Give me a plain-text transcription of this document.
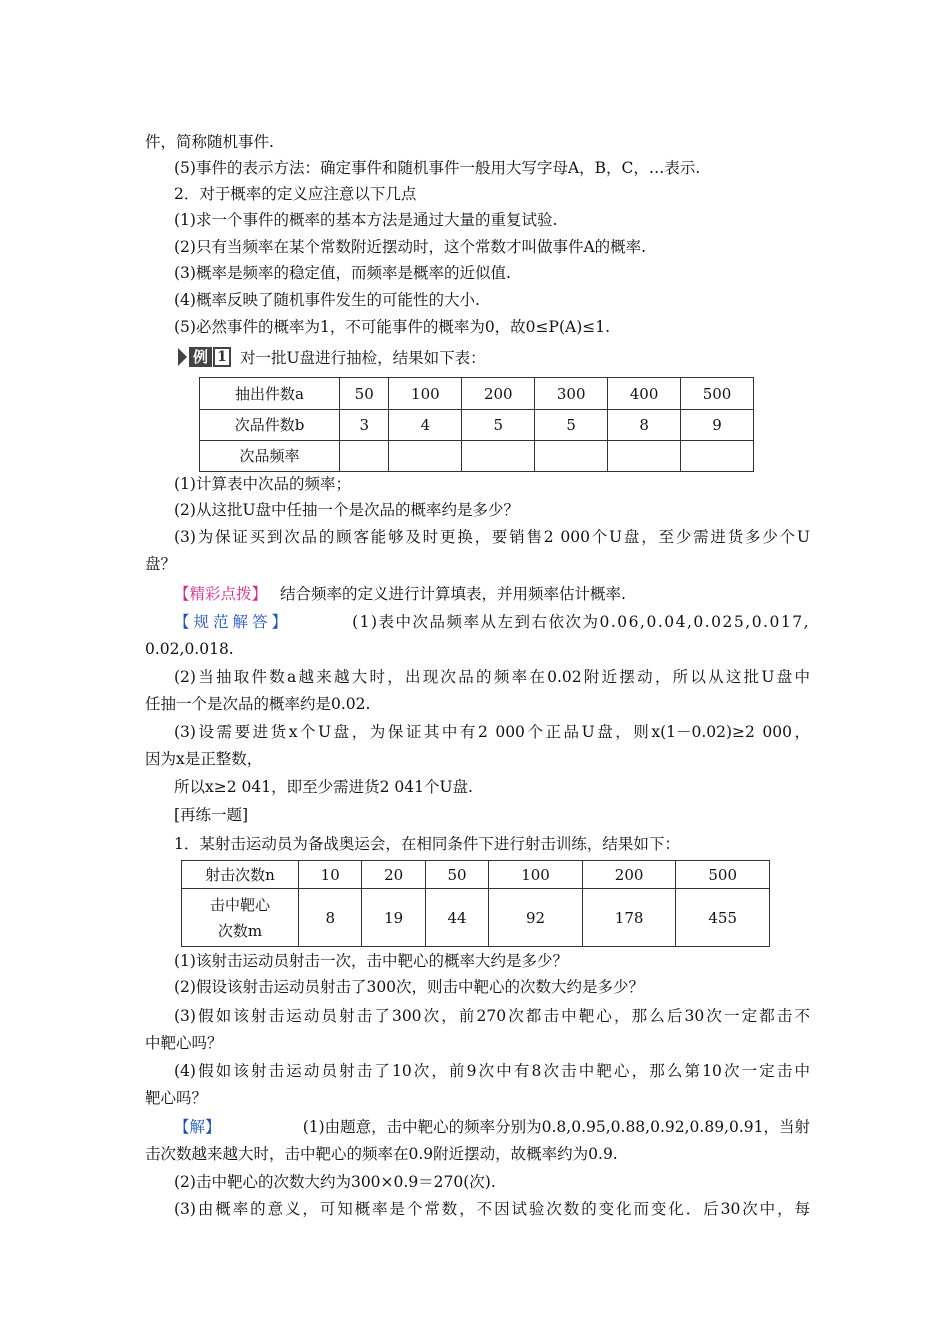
件，简称随机事件.
(5)事件的表示方法：确定事件和随机事件一般用大写字母A，B，C，…表示.
2．对于概率的定义应注意以下几点
(1)求一个事件的概率的基本方法是通过大量的重复试验.
(2)只有当频率在某个常数附近摆动时，这个常数才叫做事件A的概率.
(3)概率是频率的稳定值，而频率是概率的近似值.
(4)概率反映了随机事件发生的可能性的大小.
(5)必然事件的概率为1，不可能事件的概率为0，故0≤P(A)≤1.
例 1 对一批U盘进行抽检，结果如下表：
抽出件数a	50	100	200	300	400	500
次品件数b	3	4	5	5	8	9
次品频率						
(1)计算表中次品的频率；
(2)从这批U盘中任抽一个是次品的概率约是多少？
(3)为保证买到次品的顾客能够及时更换，要销售2 000个U盘，至少需进货多少个U
盘？
【精彩点拨】 结合频率的定义进行计算填表，并用频率估计概率.
【规范解答】	(1)表中次品频率从左到右依次为0.06,0.04,0.025,0.017,
0.02,0.018.
(2)当抽取件数a越来越大时，出现次品的频率在0.02附近摆动，所以从这批U盘中
任抽一个是次品的概率约是0.02.
(3)设需要进货x个U盘，为保证其中有2 000个正品U盘，则x(1－0.02)≥2 000，
因为x是正整数，
所以x≥2 041，即至少需进货2 041个U盘.
[再练一题]
1．某射击运动员为备战奥运会，在相同条件下进行射击训练，结果如下：
射击次数n	10	20	50	100	200	500

击中靶心
次数m	8	19	44	92	178	455
(1)该射击运动员射击一次，击中靶心的概率大约是多少？
(2)假设该射击运动员射击了300次，则击中靶心的次数大约是多少？
(3)假如该射击运动员射击了300次，前270次都击中靶心，那么后30次一定都击不
中靶心吗？
(4)假如该射击运动员射击了10次，前9次中有8次击中靶心，那么第10次一定击中
靶心吗？
【解】	(1)由题意，击中靶心的频率分别为0.8,0.95,0.88,0.92,0.89,0.91，当射
击次数越来越大时，击中靶心的频率在0.9附近摆动，故概率约为0.9.
(2)击中靶心的次数大约为300×0.9＝270(次).
(3)由概率的意义，可知概率是个常数，不因试验次数的变化而变化．后30次中，每
